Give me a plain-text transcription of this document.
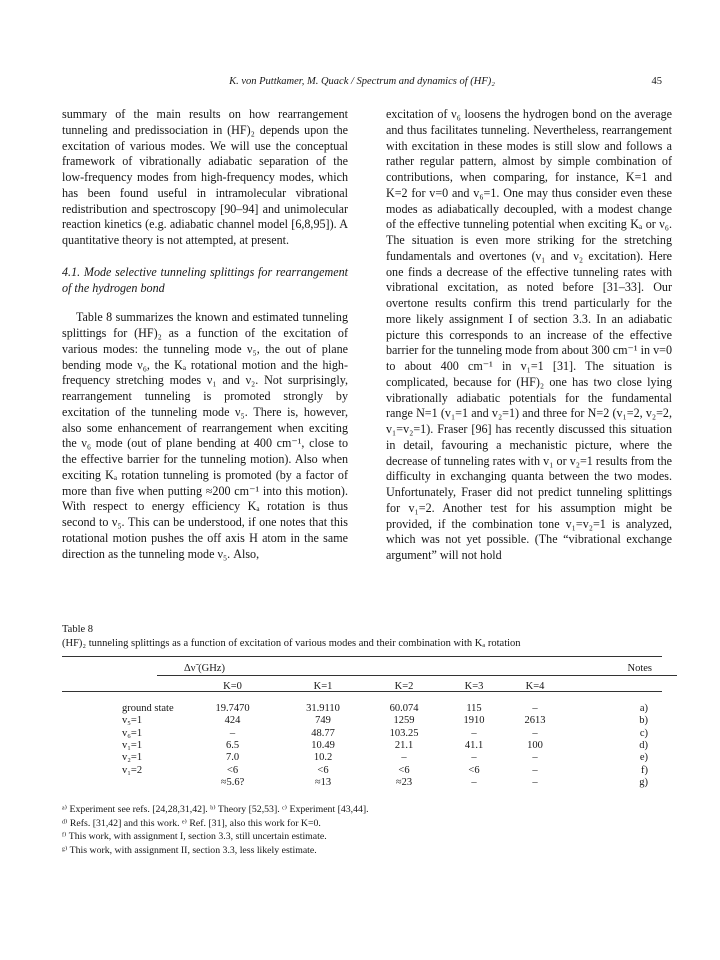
K. von Puttkamer, M. Quack / Spectrum and dynamics of (HF)₂	45

summary of the main results on how rearrangement tunneling and predissociation in (HF)₂ depends upon the excitation of various modes. We will use the conceptual framework of vibrationally adiabatic separation of the low-frequency modes from high-frequency modes, which has been found useful in intramolecular vibrational redistribution and spectroscopy [90–94] and unimolecular reaction kinetics (e.g. adiabatic channel model [6,8,95]). A quantitative theory is not attempted, at present.

4.1. Mode selective tunneling splittings for rearrangement of the hydrogen bond

Table 8 summarizes the known and estimated tunneling splittings for (HF)₂ as a function of the excitation of various modes: the tunneling mode ν₅, the out of plane bending mode ν₆, the Kₐ rotational motion and the high-frequency stretching modes ν₁ and ν₂. Not surprisingly, rearrangement tunneling is promoted strongly by excitation of the tunneling mode ν₅. There is, however, also some enhancement of rearrangement when exciting the ν₆ mode (out of plane bending at 400 cm⁻¹, close to the effective barrier for the tunneling motion). Also when exciting Kₐ rotation tunneling is promoted (by a factor of more than five when putting ≈200 cm⁻¹ into this motion). With respect to energy efficiency Kₐ rotation is thus second to ν₅. This can be understood, if one notes that this rotational motion pushes the off axis H atom in the same direction as the tunneling mode ν₅. Also,

excitation of ν₆ loosens the hydrogen bond on the average and thus facilitates tunneling. Nevertheless, rearrangement with excitation in these modes is still slow and follows a rather regular pattern, almost by simple combination of contributions, when comparing, for instance, K=1 and K=2 for v=0 and v₆=1. One may thus consider even these modes as adiabatically decoupled, with a modest change of the effective tunneling potential when exciting Kₐ or ν₆. The situation is even more striking for the stretching fundamentals and overtones (ν₁ and ν₂ excitation). Here one finds a decrease of the effective tunneling rates with vibrational excitation, as noted before [31–33]. Our overtone results confirm this trend particularly for the more likely assignment I of section 3.3. In an adiabatic picture this corresponds to an increase of the effective barrier for the tunneling mode from about 300 cm⁻¹ in v=0 to about 400 cm⁻¹ in v₁=1 [31]. The situation is complicated, because for (HF)₂ one has two close lying vibrationally adiabatic potentials for the fundamental range N=1 (v₁=1 and v₂=1) and three for N=2 (v₁=2, v₂=2, v₁=v₂=1). Fraser [96] has recently discussed this situation in detail, favouring a mechanistic picture, where the decrease of tunneling rates with v₁ or v₂=1 results from the difficulty in exchanging quanta between the two modes. Unfortunately, Fraser did not predict tunneling splittings for v₁=2. Another test for his assumption might be provided, if the combination tone v₁=v₂=1 is analyzed, which was not yet possible. (The “vibrational exchange argument” will not hold

Table 8
(HF)₂ tunneling splittings as a function of excitation of various modes and their combination with Kₐ rotation
	Δν̃ (GHz)					Notes

	K=0	K=1	K=2	K=3	K=4	

ground state	19.7470	31.9110	60.074	115	–	a)
v₅=1	424	749	1259	1910	2613	b)
v₆=1	–	48.77	103.25	–	–	c)
v₁=1	6.5	10.49	21.1	41.1	100	d)
v₂=1	7.0	10.2	–	–	–	e)
v₁=2	<6	<6	<6	<6	–	f)
	≈5.6?	≈13	≈23	–	–	g)

ᵃ⁾ Experiment see refs. [24,28,31,42]. ᵇ⁾ Theory [52,53]. ᶜ⁾ Experiment [43,44].

ᵈ⁾ Refs. [31,42] and this work. ᵉ⁾ Ref. [31], also this work for K=0.

ᶠ⁾ This work, with assignment I, section 3.3, still uncertain estimate.

ᵍ⁾ This work, with assignment II, section 3.3, less likely estimate.
